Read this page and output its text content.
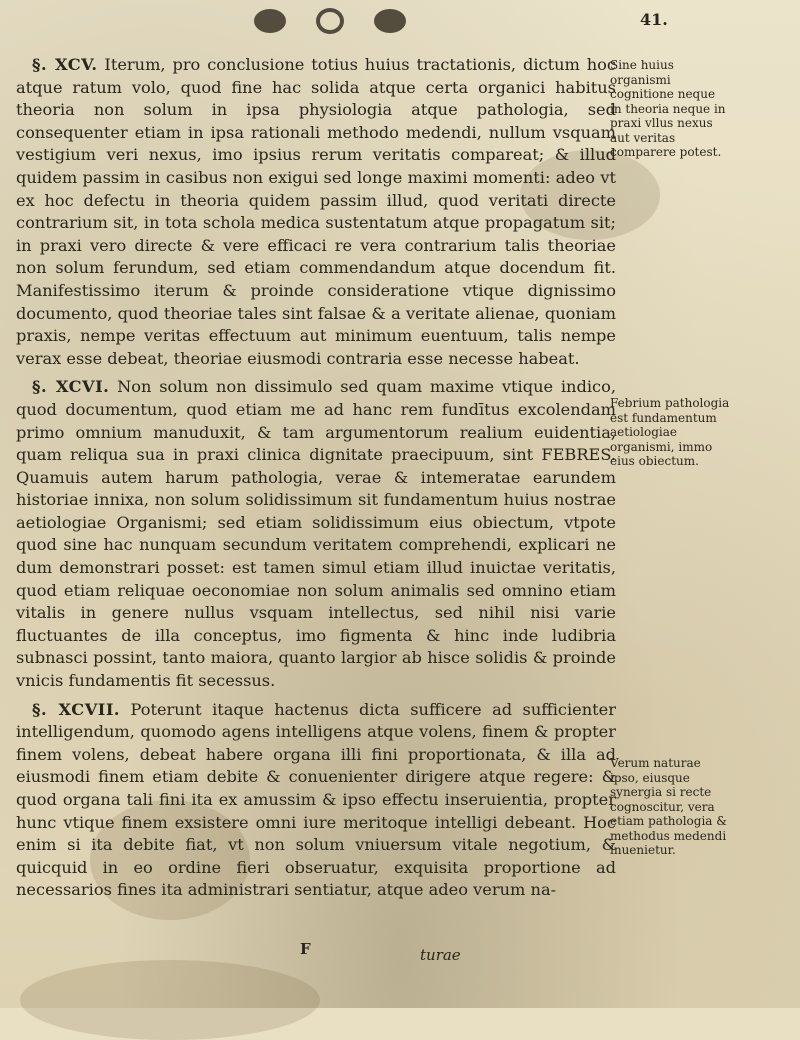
41.

§. XCV. Iterum, pro conclusione totius huius tractationis, dictum hoc atque ratum volo, quod fine hac solida atque certa organici habitus theoria non solum in ipsa physiologia atque pathologia, sed consequenter etiam in ipsa rationali methodo medendi, nullum vsquam vestigium veri nexus, imo ipsius rerum veritatis compareat; & illud quidem passim in casibus non exigui sed longe maximi momenti: adeo vt ex hoc defectu in theoria quidem passim illud, quod veritati directe contrarium sit, in tota schola medica sustentatum atque propagatum sit; in praxi vero directe & vere efficaci re vera contrarium talis theoriae non solum ferundum, sed etiam commendandum atque docendum fit. Manifestissimo iterum & proinde consideratione vtique dignissimo documento, quod theoriae tales sint falsae & a veritate alienae, quoniam praxis, nempe veritas effectuum aut minimum euentuum, talis nempe verax esse debeat, theoriae eiusmodi contraria esse necesse habeat.

§. XCVI. Non solum non dissimulo sed quam maxime vtique indico, quod documentum, quod etiam me ad hanc rem fundītus excolendam primo omnium manuduxit, & tam argumentorum realium euidentia, quam reliqua sua in praxi clinica dignitate praecipuum, sint FEBRES. Quamuis autem harum pathologia, verae & intemeratae earundem historiae innixa, non solum solidissimum sit fundamentum huius nostrae aetiologiae Organismi; sed etiam solidissimum eius obiectum, vtpote quod sine hac nunquam secundum veritatem comprehendi, explicari ne dum demonstrari posset: est tamen simul etiam illud inuictae veritatis, quod etiam reliquae oeconomiae non solum animalis sed omnino etiam vitalis in genere nullus vsquam intellectus, sed nihil nisi varie fluctuantes de illa conceptus, imo figmenta & hinc inde ludibria subnasci possint, tanto maiora, quanto largior ab hisce solidis & proinde vnicis fundamentis fit secessus.

§. XCVII. Poterunt itaque hactenus dicta sufficere ad sufficienter intelligendum, quomodo agens intelligens atque volens, finem & propter finem volens, debeat habere organa illi fini proportionata, & illa ad eiusmodi finem etiam debite & conuenienter dirigere atque regere: & quod organa tali fini ita ex amussim & ipso effectu inseruientia, propter hunc vtique finem exsistere omni iure meritoque intelligi debeant. Hoc enim si ita debite fiat, vt non solum vniuersum vitale negotium, & quicquid in eo ordine fieri obseruatur, exquisita proportione ad necessarios fines ita administrari sentiatur, atque adeo verum na-

Sine huius organismi cognitione neque in theoria neque in praxi vllus nexus aut veritas comparere potest.
Febrium pathologia est fundamentum aetiologiae organismi, immo eius obiectum.
Verum naturae ipso, eiusque synergia si recte cognoscitur, vera etiam pathologia & methodus medendi inuenietur.
F	turae
